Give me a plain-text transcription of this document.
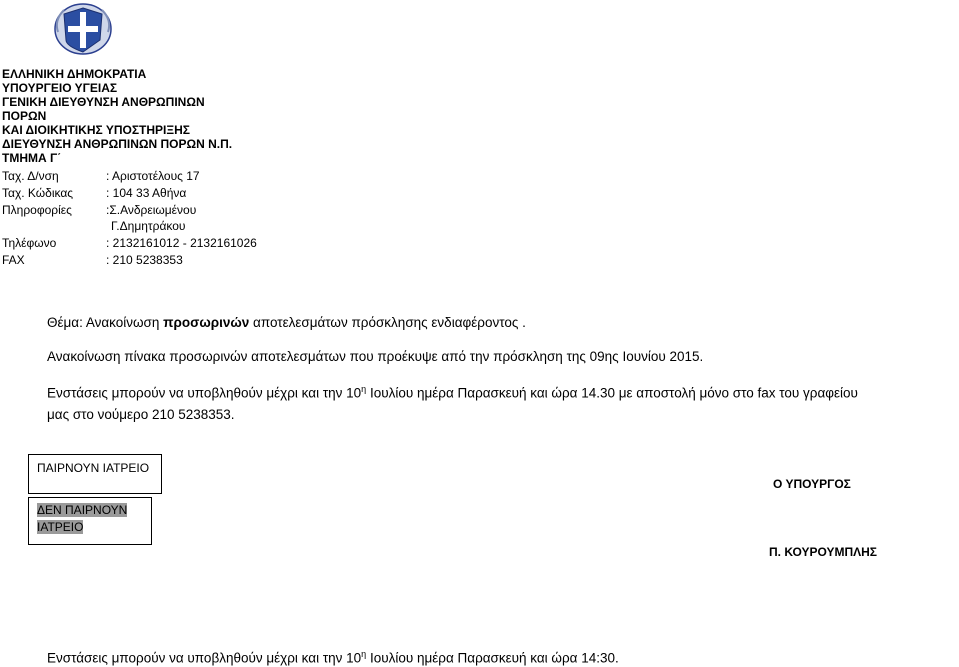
ΕΛΛΗΝΙΚΗ ΔΗΜΟΚΡΑΤΙΑ
ΥΠΟΥΡΓΕΙΟ ΥΓΕΙΑΣ
ΓΕΝΙΚΗ ΔΙΕΥΘΥΝΣΗ ΑΝΘΡΩΠΙΝΩΝ
ΠΟΡΩΝ
ΚΑΙ ΔΙΟΙΚΗΤΙΚΗΣ ΥΠΟΣΤΗΡΙΞΗΣ
ΔΙΕΥΘΥΝΣΗ ΑΝΘΡΩΠΙΝΩΝ ΠΟΡΩΝ Ν.Π.
ΤΜΗΜΑ Γ΄
Ταχ. Δ/νση	: Αριστοτέλους 17
Ταχ. Κώδικας	: 104 33 Αθήνα
Πληροφορίες	:Σ.Ανδρειωμένου
Γ.Δημητράκου
Τηλέφωνο	: 2132161012 - 2132161026
FAX	: 210 5238353
Θέμα: Ανακοίνωση προσωρινών αποτελεσμάτων πρόσκλησης ενδιαφέροντος .
Ανακοίνωση πίνακα προσωρινών αποτελεσμάτων που προέκυψε από την πρόσκληση της 09ης Ιουνίου 2015.
Ενστάσεις μπορούν να υποβληθούν μέχρι και την $10^\eta$ Ιουλίου ημέρα Παρασκευή και ώρα 14.30 με αποστολή μόνο στο fax του γραφείου
μας στο νούμερο 210 5238353.
ΠΑΙΡΝΟΥΝ ΙΑΤΡΕΙΟ
ΔΕΝ ΠΑΙΡΝΟΥΝ
ΙΑΤΡΕΙΟ
Ο ΥΠΟΥΡΓΟΣ
Π. ΚΟΥΡΟΥΜΠΛΗΣ
Ενστάσεις μπορούν να υποβληθούν μέχρι και την $10^\eta$ Ιουλίου ημέρα Παρασκευή και ώρα 14:30.
